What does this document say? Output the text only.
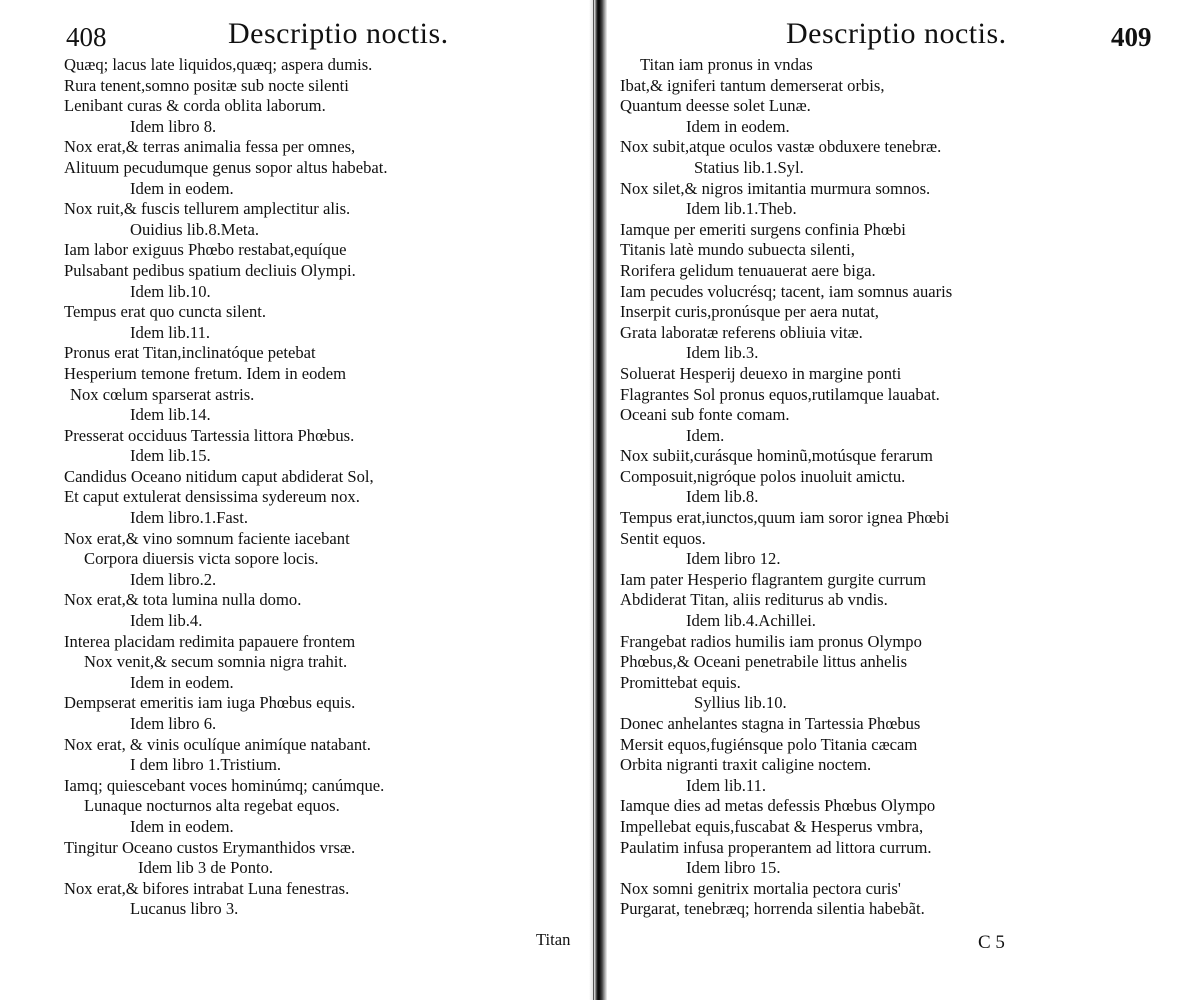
408	Descriptio noctis.
Quæq; lacus late liquidos,quæq; aspera dumis.
Rura tenent,somno positæ sub nocte silenti
Lenibant curas & corda oblita laborum.
Idem libro 8.
Nox erat,& terras animalia fessa per omnes,
Alituum pecudumque genus sopor altus habebat.
Idem in eodem.
Nox ruit,& fuscis tellurem amplectitur alis.
Ouidius lib.8.Meta.
Iam labor exiguus Phœbo restabat,equíque
Pulsabant pedibus spatium decliuis Olympi.
Idem lib.10.
Tempus erat quo cuncta silent.
Idem lib.11.
Pronus erat Titan,inclinatóque petebat
Hesperium temone fretum. Idem in eodem
Nox cœlum sparserat astris.
Idem lib.14.
Presserat occiduus Tartessia littora Phœbus.
Idem lib.15.
Candidus Oceano nitidum caput abdiderat Sol,
Et caput extulerat densissima sydereum nox.
Idem libro.1.Fast.
Nox erat,& vino somnum faciente iacebant
Corpora diuersis victa sopore locis.
Idem libro.2.
Nox erat,& tota lumina nulla domo.
Idem lib.4.
Interea placidam redimita papauere frontem
Nox venit,& secum somnia nigra trahit.
Idem in eodem.
Dempserat emeritis iam iuga Phœbus equis.
Idem libro 6.
Nox erat, & vinis oculíque animíque natabant.
I dem libro 1.Tristium.
Iamq; quiescebant voces hominúmq; canúmque.
Lunaque nocturnos alta regebat equos.
Idem in eodem.
Tingitur Oceano custos Erymanthidos vrsæ.
Idem lib 3 de Ponto.
Nox erat,& bifores intrabat Luna fenestras.
Lucanus libro 3.
Titan
Descriptio noctis.	409
Titan iam pronus in vndas
Ibat,& igniferi tantum demerserat orbis,
Quantum deesse solet Lunæ.
Idem in eodem.
Nox subit,atque oculos vastæ obduxere tenebræ.
Statius lib.1.Syl.
Nox silet,& nigros imitantia murmura somnos.
Idem lib.1.Theb.
Iamque per emeriti surgens confinia Phœbi
Titanis latè mundo subuecta silenti,
Rorifera gelidum tenuauerat aere biga.
Iam pecudes volucrésq; tacent, iam somnus auaris
Inserpit curis,pronúsque per aera nutat,
Grata laboratæ referens obliuia vitæ.
Idem lib.3.
Soluerat Hesperij deuexo in margine ponti
Flagrantes Sol pronus equos,rutilamque lauabat.
Oceani sub fonte comam.
Idem.
Nox subiit,curásque hominũ,motúsque ferarum
Composuit,nigróque polos inuoluit amictu.
Idem lib.8.
Tempus erat,iunctos,quum iam soror ignea Phœbi
Sentit equos.
Idem libro 12.
Iam pater Hesperio flagrantem gurgite currum
Abdiderat Titan, aliis rediturus ab vndis.
Idem lib.4.Achillei.
Frangebat radios humilis iam pronus Olympo
Phœbus,& Oceani penetrabile littus anhelis
Promittebat equis.
Syllius lib.10.
Donec anhelantes stagna in Tartessia Phœbus
Mersit equos,fugiénsque polo Titania cæcam
Orbita nigranti traxit caligine noctem.
Idem lib.11.
Iamque dies ad metas defessis Phœbus Olympo
Impellebat equis,fuscabat & Hesperus vmbra,
Paulatim infusa properantem ad littora currum.
Idem libro 15.
Nox somni genitrix mortalia pectora curis'
Purgarat, tenebræq; horrenda silentia habebãt.
C 5
